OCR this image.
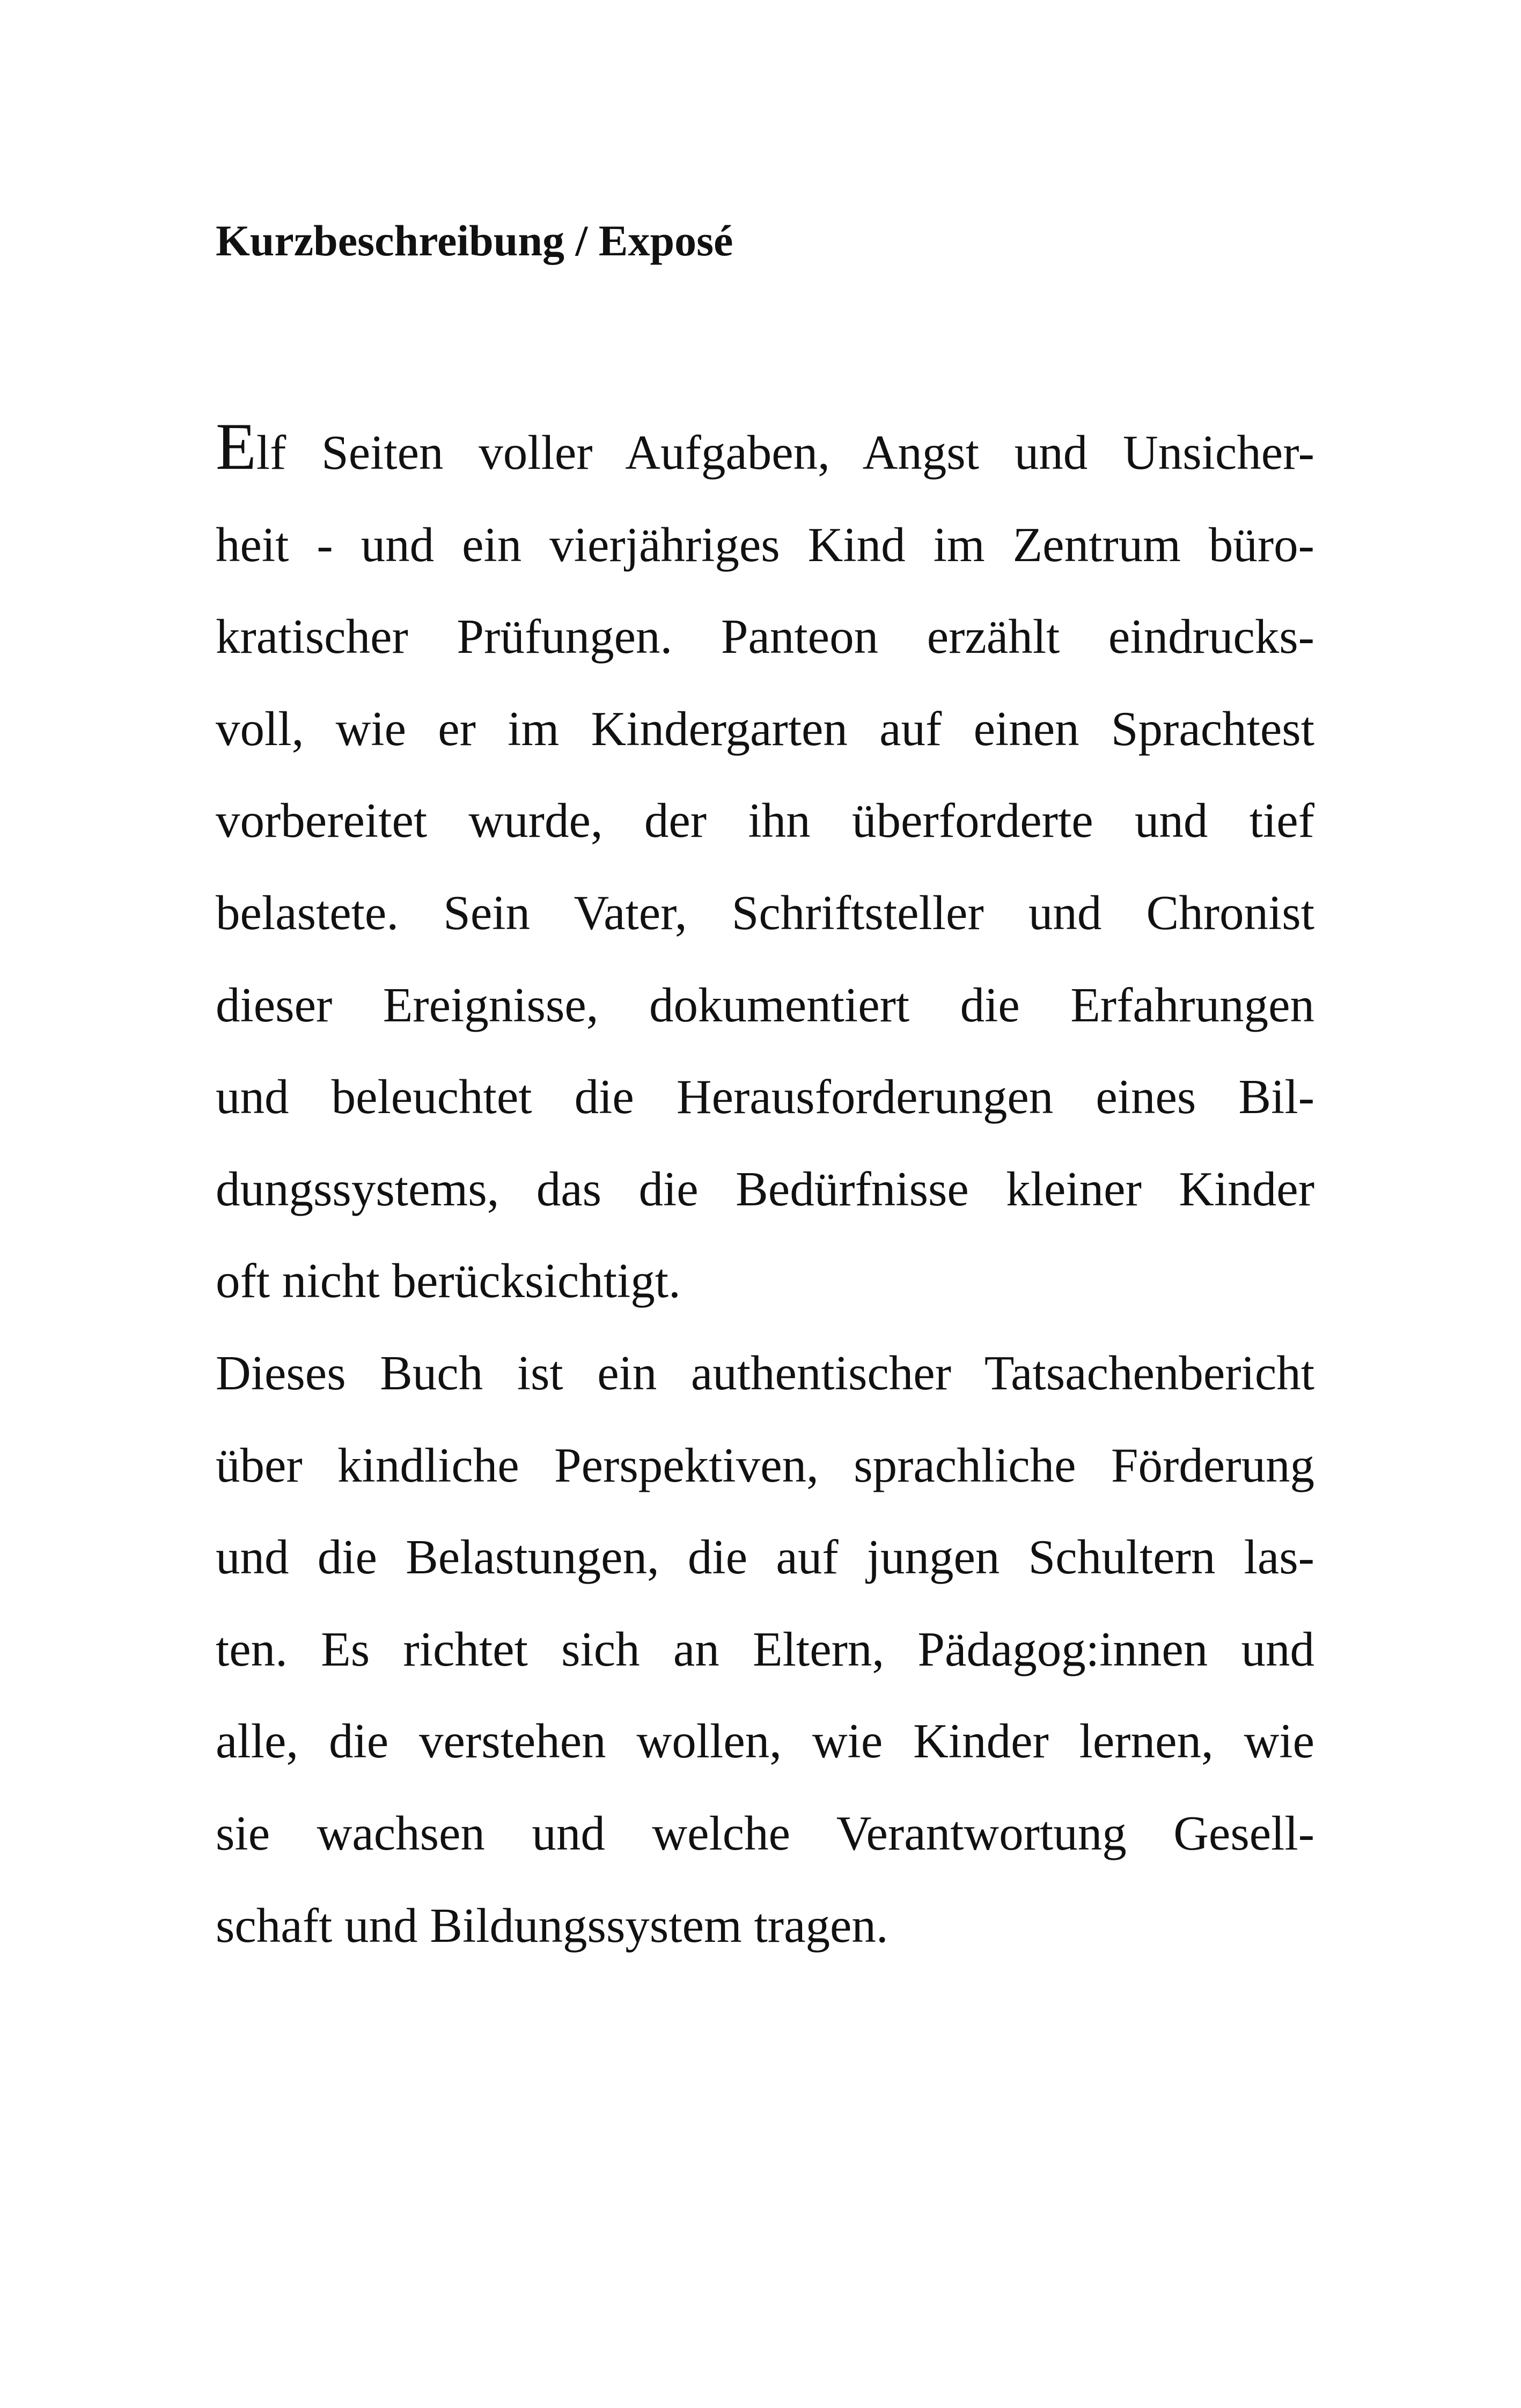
Kurzbeschreibung / Exposé
Elf Seiten voller Aufgaben, Angst und Unsicher-
heit - und ein vierjähriges Kind im Zentrum büro-
kratischer Prüfungen. Panteon erzählt eindrucks-
voll, wie er im Kindergarten auf einen Sprachtest
vorbereitet wurde, der ihn überforderte und tief
belastete. Sein Vater, Schriftsteller und Chronist
dieser Ereignisse, dokumentiert die Erfahrungen
und beleuchtet die Herausforderungen eines Bil-
dungssystems, das die Bedürfnisse kleiner Kinder
oft nicht berücksichtigt.
Dieses Buch ist ein authentischer Tatsachenbericht
über kindliche Perspektiven, sprachliche Förderung
und die Belastungen, die auf jungen Schultern las-
ten. Es richtet sich an Eltern, Pädagog:innen und
alle, die verstehen wollen, wie Kinder lernen, wie
sie wachsen und welche Verantwortung Gesell-
schaft und Bildungssystem tragen.
